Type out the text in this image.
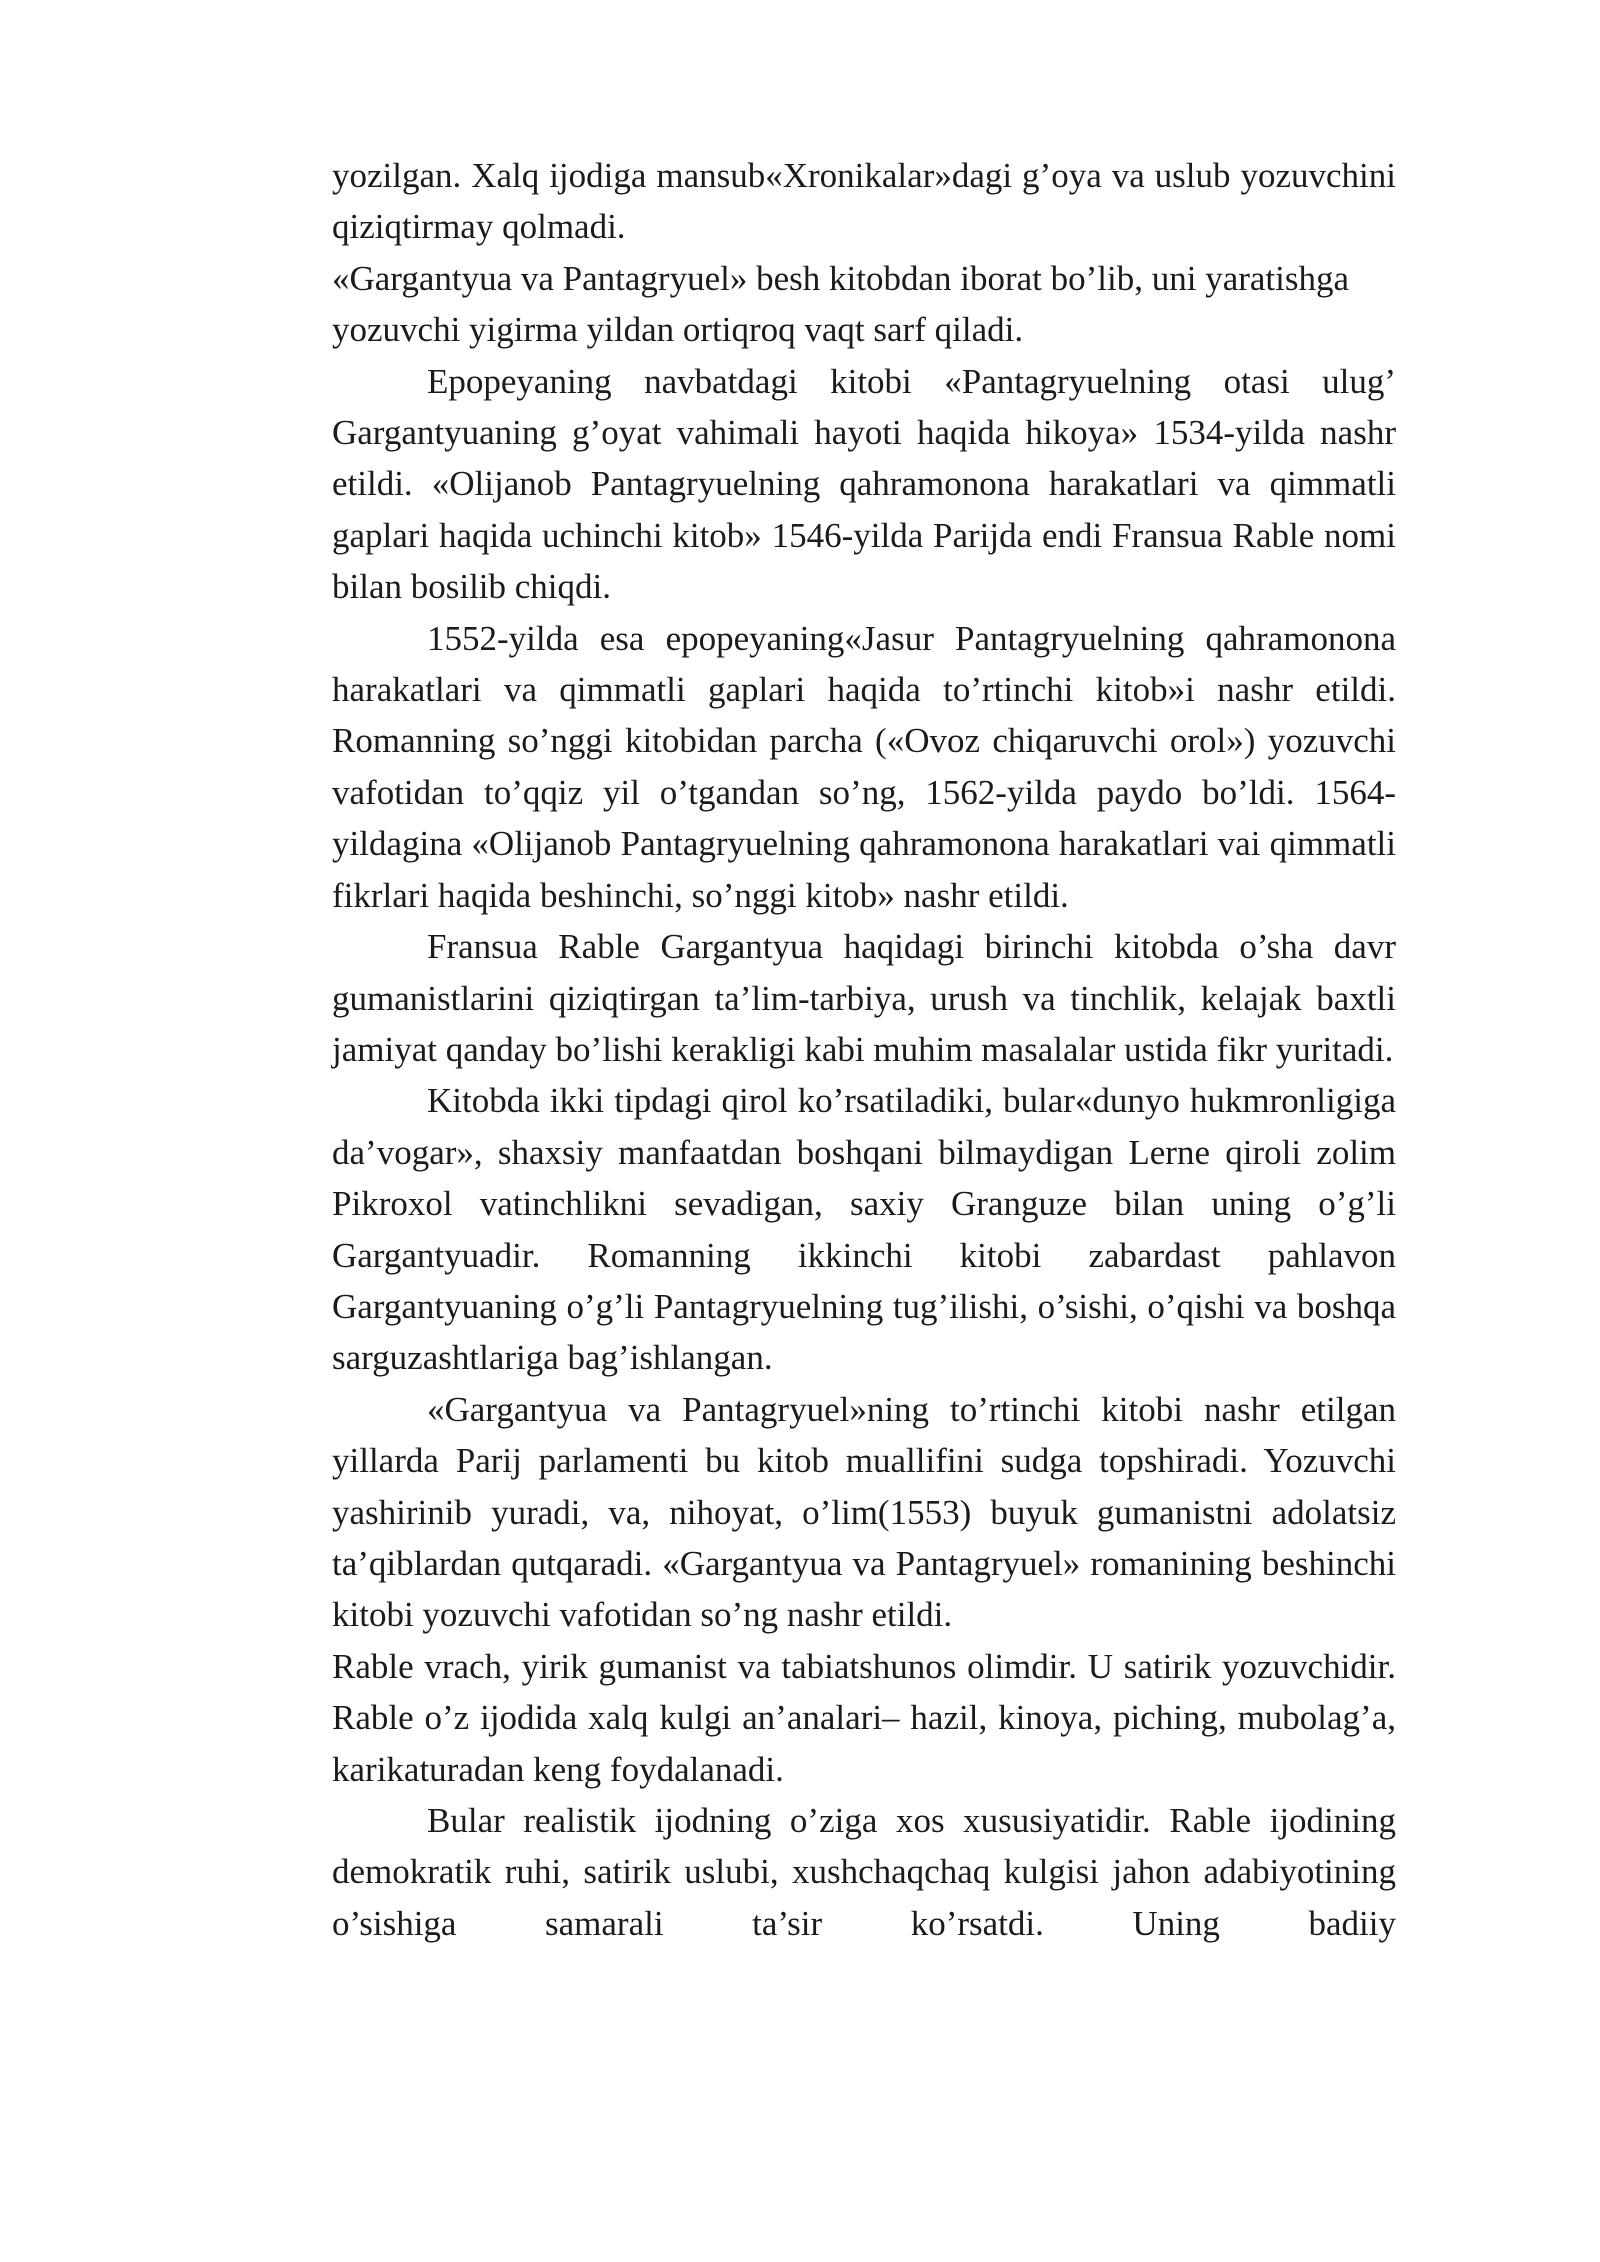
yozilgan. Xalq ijodiga mansub«Xronikalar»dagi g’oya va uslub yozuvchini qiziqtirmay qolmadi.

«Gargantyua va Pantagryuel» besh kitobdan iborat bo’lib, uni yaratishga yozuvchi yigirma yildan ortiqroq vaqt sarf qiladi.

Epopeyaning navbatdagi kitobi «Pantagryuelning otasi ulug’ Gargantyuaning g’oyat vahimali hayoti haqida hikoya» 1534-yilda nashr etildi. «Olijanob Pantagryuelning qahramonona harakatlari va qimmatli gaplari haqida uchinchi kitob» 1546-yilda Parijda endi Fransua Rable nomi bilan bosilib chiqdi.

1552-yilda esa epopeyaning«Jasur Pantagryuelning qahramonona harakatlari va qimmatli gaplari haqida to’rtinchi kitob»i nashr etildi. Romanning so’nggi kitobidan parcha («Ovoz chiqaruvchi orol») yozuvchi vafotidan to’qqiz yil o’tgandan so’ng, 1562-yilda paydo bo’ldi. 1564-yildagina «Olijanob Pantagryuelning qahramonona harakatlari vai qimmatli fikrlari haqida beshinchi, so’nggi kitob» nashr etildi.

Fransua Rable Gargantyua haqidagi birinchi kitobda o’sha davr gumanistlarini qiziqtirgan ta’lim-tarbiya, urush va tinchlik, kelajak baxtli jamiyat qanday bo’lishi kerakligi kabi muhim masalalar ustida fikr yuritadi.

Kitobda ikki tipdagi qirol ko’rsatiladiki, bular«dunyo hukmronligiga da’vogar», shaxsiy manfaatdan boshqani bilmaydigan Lerne qiroli zolim Pikroxol vatinchlikni sevadigan, saxiy Granguze bilan uning o’g’li Gargantyuadir. Romanning ikkinchi kitobi zabardast pahlavon Gargantyuaning o’g’li Pantagryuelning tug’ilishi, o’sishi, o’qishi va boshqa sarguzashtlariga bag’ishlangan.

«Gargantyua va Pantagryuel»ning to’rtinchi kitobi nashr etilgan yillarda Parij parlamenti bu kitob muallifini sudga topshiradi. Yozuvchi yashirinib yuradi, va, nihoyat, o’lim(1553) buyuk gumanistni adolatsiz ta’qiblardan qutqaradi. «Gargantyua va Pantagryuel» romanining beshinchi kitobi yozuvchi vafotidan so’ng nashr etildi.

Rable vrach, yirik gumanist va tabiatshunos olimdir. U satirik yozuvchidir. Rable o’z ijodida xalq kulgi an’analari– hazil, kinoya, piching, mubolag’a, karikaturadan keng foydalanadi.

Bular realistik ijodning o’ziga xos xususiyatidir. Rable ijodining demokratik ruhi, satirik uslubi, xushchaqchaq kulgisi jahon adabiyotining o’sishiga samarali ta’sir ko’rsatdi. Uning badiiy
